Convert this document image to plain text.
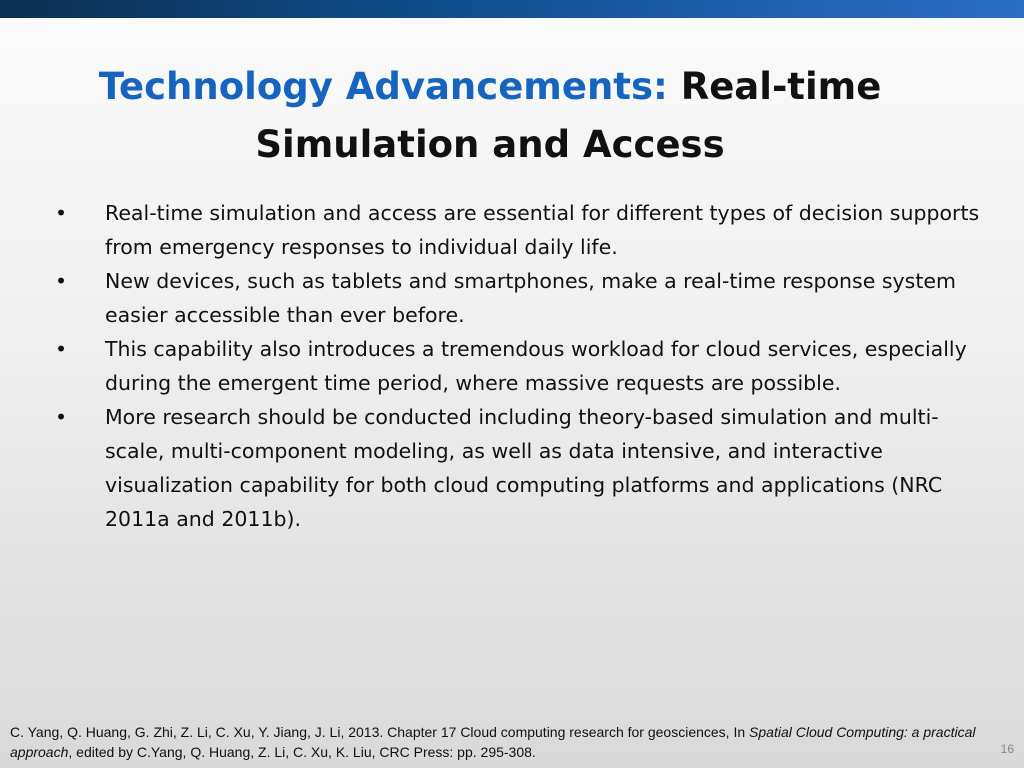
Technology Advancements: Real-time
Simulation and Access
• Real-time simulation and access are essential for different types of decision supports from emergency responses to individual daily life.
• New devices, such as tablets and smartphones, make a real-time response system easier accessible than ever before.
• This capability also introduces a tremendous workload for cloud services, especially during the emergent time period, where massive requests are possible.
• More research should be conducted including theory-based simulation and multi-scale, multi-component modeling, as well as data intensive, and interactive visualization capability for both cloud computing platforms and applications (NRC 2011a and 2011b).
C. Yang, Q. Huang, G. Zhi, Z. Li, C. Xu, Y. Jiang, J. Li, 2013. Chapter 17 Cloud computing research for geosciences, In Spatial Cloud Computing: a practical approach, edited by C.Yang, Q. Huang, Z. Li, C. Xu, K. Liu, CRC Press: pp. 295-308.	16
